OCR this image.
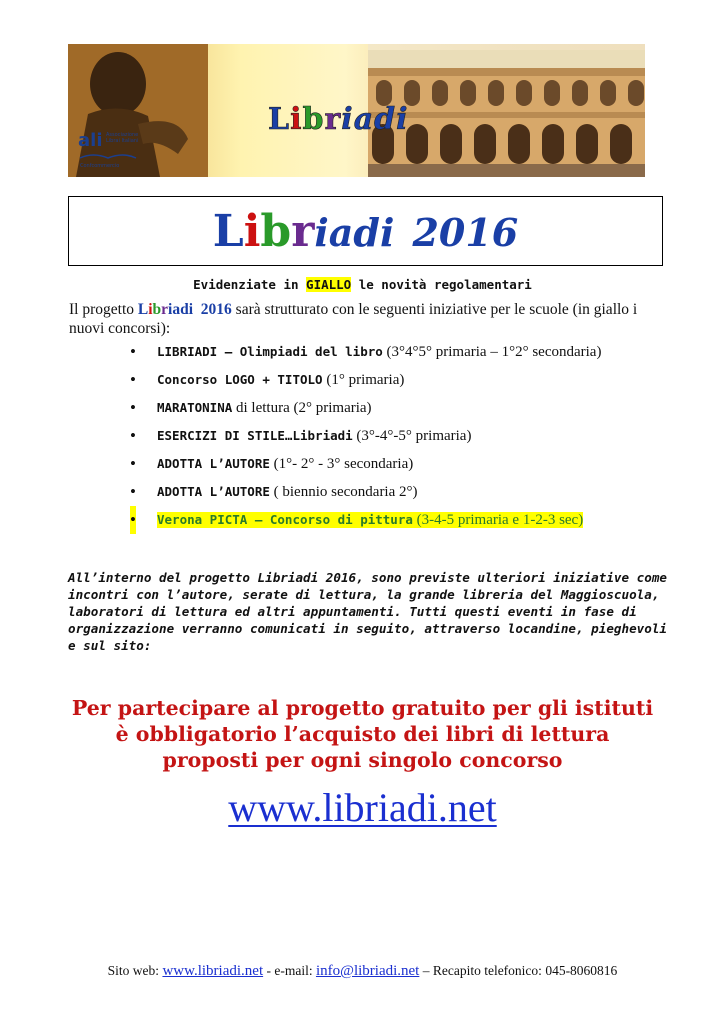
Libriadi
ali Associazione Librai Italiani
Confcommercio
Libriadi 2016
Evidenziate in GIALLO le novità regolamentari
Il progetto Libriadi 2016 sarà strutturato con le seguenti iniziative per le scuole (in giallo i nuovi concorsi):
• LIBRIADI – Olimpiadi del libro (3°4°5° primaria – 1°2° secondaria)
• Concorso LOGO + TITOLO (1° primaria)
• MARATONINA di lettura (2° primaria)
• ESERCIZI DI STILE…Libriadi (3°-4°-5° primaria)
• ADOTTA L’AUTORE (1°- 2° - 3° secondaria)
• ADOTTA L’AUTORE ( biennio secondaria 2°)
• Verona PICTA – Concorso di pittura (3-4-5 primaria e 1-2-3 sec)
All’interno del progetto Libriadi 2016, sono previste ulteriori iniziative come incontri con l’autore, serate di lettura, la grande libreria del Maggioscuola, laboratori di lettura ed altri appuntamenti. Tutti questi eventi in fase di organizzazione verranno comunicati in seguito, attraverso locandine, pieghevoli e sul sito:
Per partecipare al progetto gratuito per gli istituti
è obbligatorio l’acquisto dei libri di lettura
proposti per ogni singolo concorso
www.libriadi.net
Sito web: www.libriadi.net - e-mail: info@libriadi.net – Recapito telefonico: 045-8060816
